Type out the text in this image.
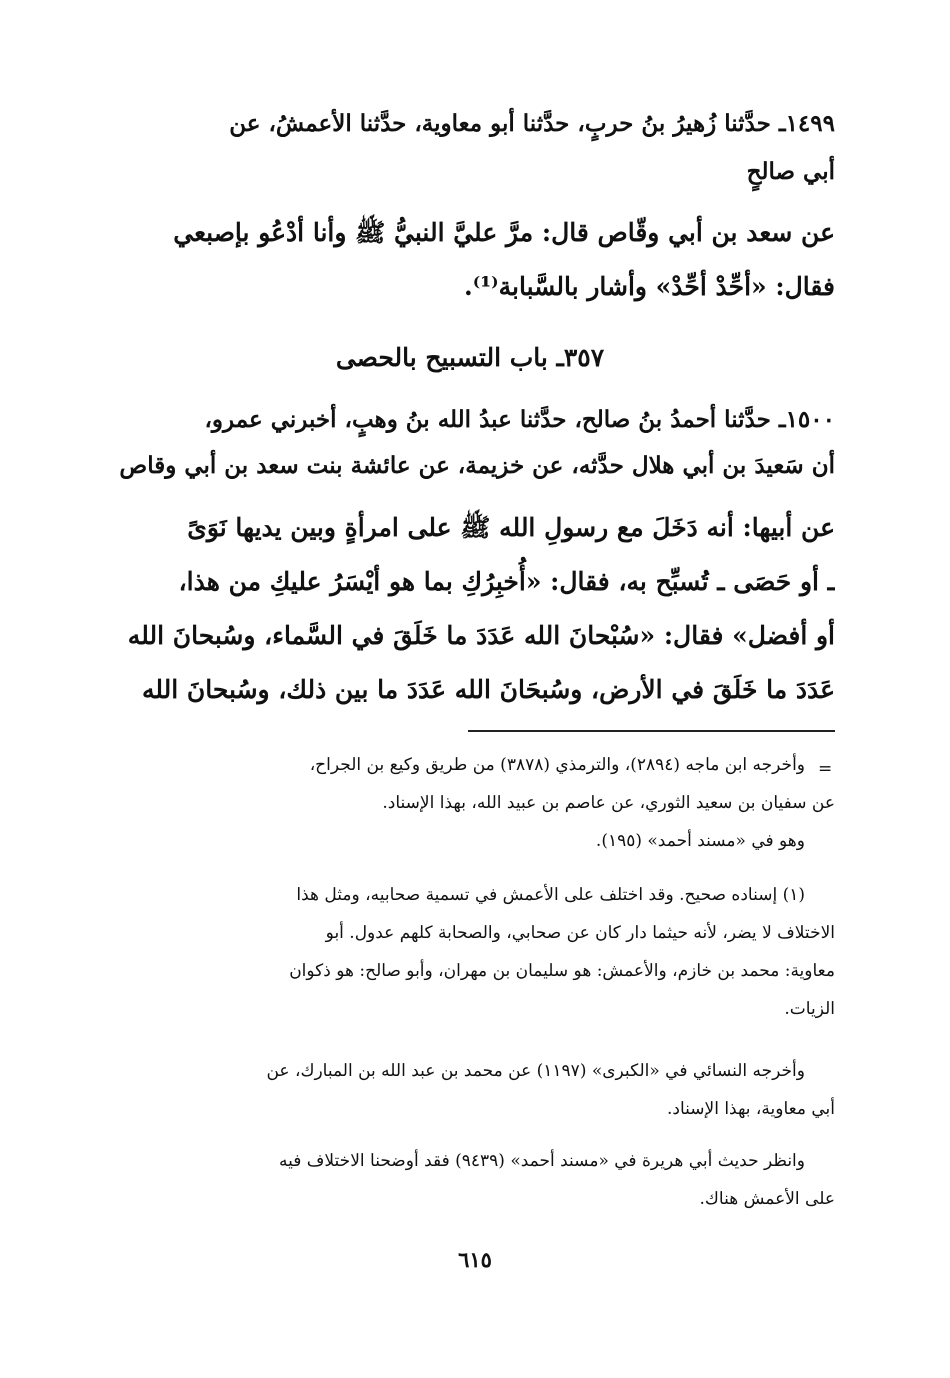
١٤٩٩ـ حدَّثنا زُهيرُ بنُ حربٍ، حدَّثنا أبو معاوية، حدَّثنا الأعمشُ، عن
أبي صالحٍ
عن سعد بن أبي وقّاص قال: مرَّ عليَّ النبيُّ ﷺ وأنا أدْعُو بإصبعي
فقال: «أحِّدْ أحِّدْ» وأشار بالسَّبابة⁽¹⁾.
٣٥٧ـ باب التسبيح بالحصى
١٥٠٠ـ حدَّثنا أحمدُ بنُ صالح، حدَّثنا عبدُ الله بنُ وهبٍ، أخبرني عمرو،
أن سَعيدَ بن أبي هلال حدَّثه، عن خزيمة، عن عائشة بنت سعد بن أبي وقاص
عن أبيها: أنه دَخَلَ مع رسولِ الله ﷺ على امرأةٍ وبين يديها نَوَىً
ـ أو حَصَى ـ تُسبِّح به، فقال: «أُخبِرُكِ بما هو أيْسَرُ عليكِ من هذا،
أو أفضل» فقال: «سُبْحانَ الله عَدَدَ ما خَلَقَ في السَّماء، وسُبحانَ الله
عَدَدَ ما خَلَقَ في الأرض، وسُبحَانَ الله عَدَدَ ما بين ذلك، وسُبحانَ الله
=
وأخرجه ابن ماجه (٢٨٩٤)، والترمذي (٣٨٧٨) من طريق وكيع بن الجراح،
عن سفيان بن سعيد الثوري، عن عاصم بن عبيد الله، بهذا الإسناد.
وهو في «مسند أحمد» (١٩٥).
(١) إسناده صحيح. وقد اختلف على الأعمش في تسمية صحابيه، ومثل هذا
الاختلاف لا يضر، لأنه حيثما دار كان عن صحابي، والصحابة كلهم عدول. أبو
معاوية: محمد بن خازم، والأعمش: هو سليمان بن مهران، وأبو صالح: هو ذكوان
الزيات.
وأخرجه النسائي في «الكبرى» (١١٩٧) عن محمد بن عبد الله بن المبارك، عن
أبي معاوية، بهذا الإسناد.
وانظر حديث أبي هريرة في «مسند أحمد» (٩٤٣٩) فقد أوضحنا الاختلاف فيه
على الأعمش هناك.
٦١٥
